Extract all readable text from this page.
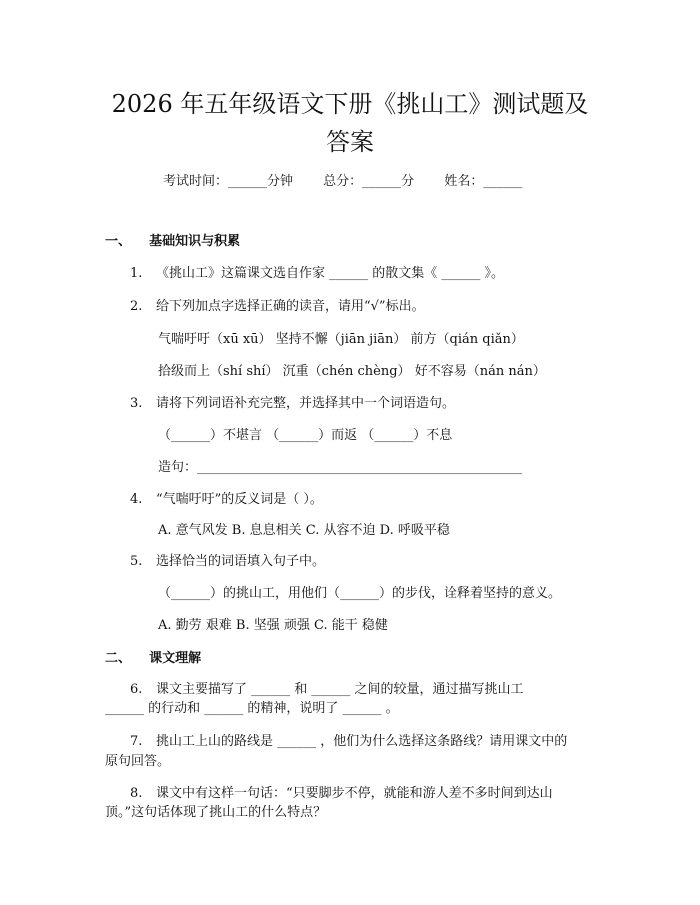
2026 年五年级语文下册《挑山工》测试题及
答案
考试时间：______分钟 总分：______分 姓名：______
一、 基础知识与积累
1. 《挑山工》这篇课文选自作家 ______ 的散文集《 ______ 》。
2. 给下列加点字选择正确的读音，请用“√”标出。
气喘吁吁（xū xū） 坚持不懈（jiān jiān） 前方（qián qiǎn）
拾级而上（shí shí） 沉重（chén chèng） 好不容易（nán nán）
3. 请将下列词语补充完整，并选择其中一个词语造句。
（______）不堪言 （______）而返 （______）不息
造句：__________________________________________________
4. “气喘吁吁”的反义词是（ ）。
A. 意气风发 B. 息息相关 C. 从容不迫 D. 呼吸平稳
5. 选择恰当的词语填入句子中。
（______）的挑山工，用他们（______）的步伐，诠释着坚持的意义。
A. 勤劳 艰难 B. 坚强 顽强 C. 能干 稳健
二、 课文理解
6. 课文主要描写了 ______ 和 ______ 之间的较量，通过描写挑山工
______ 的行动和 ______ 的精神，说明了 ______ 。
7. 挑山工上山的路线是 ______ ，他们为什么选择这条路线？请用课文中的
原句回答。
8. 课文中有这样一句话：“只要脚步不停，就能和游人差不多时间到达山
顶。”这句话体现了挑山工的什么特点？
